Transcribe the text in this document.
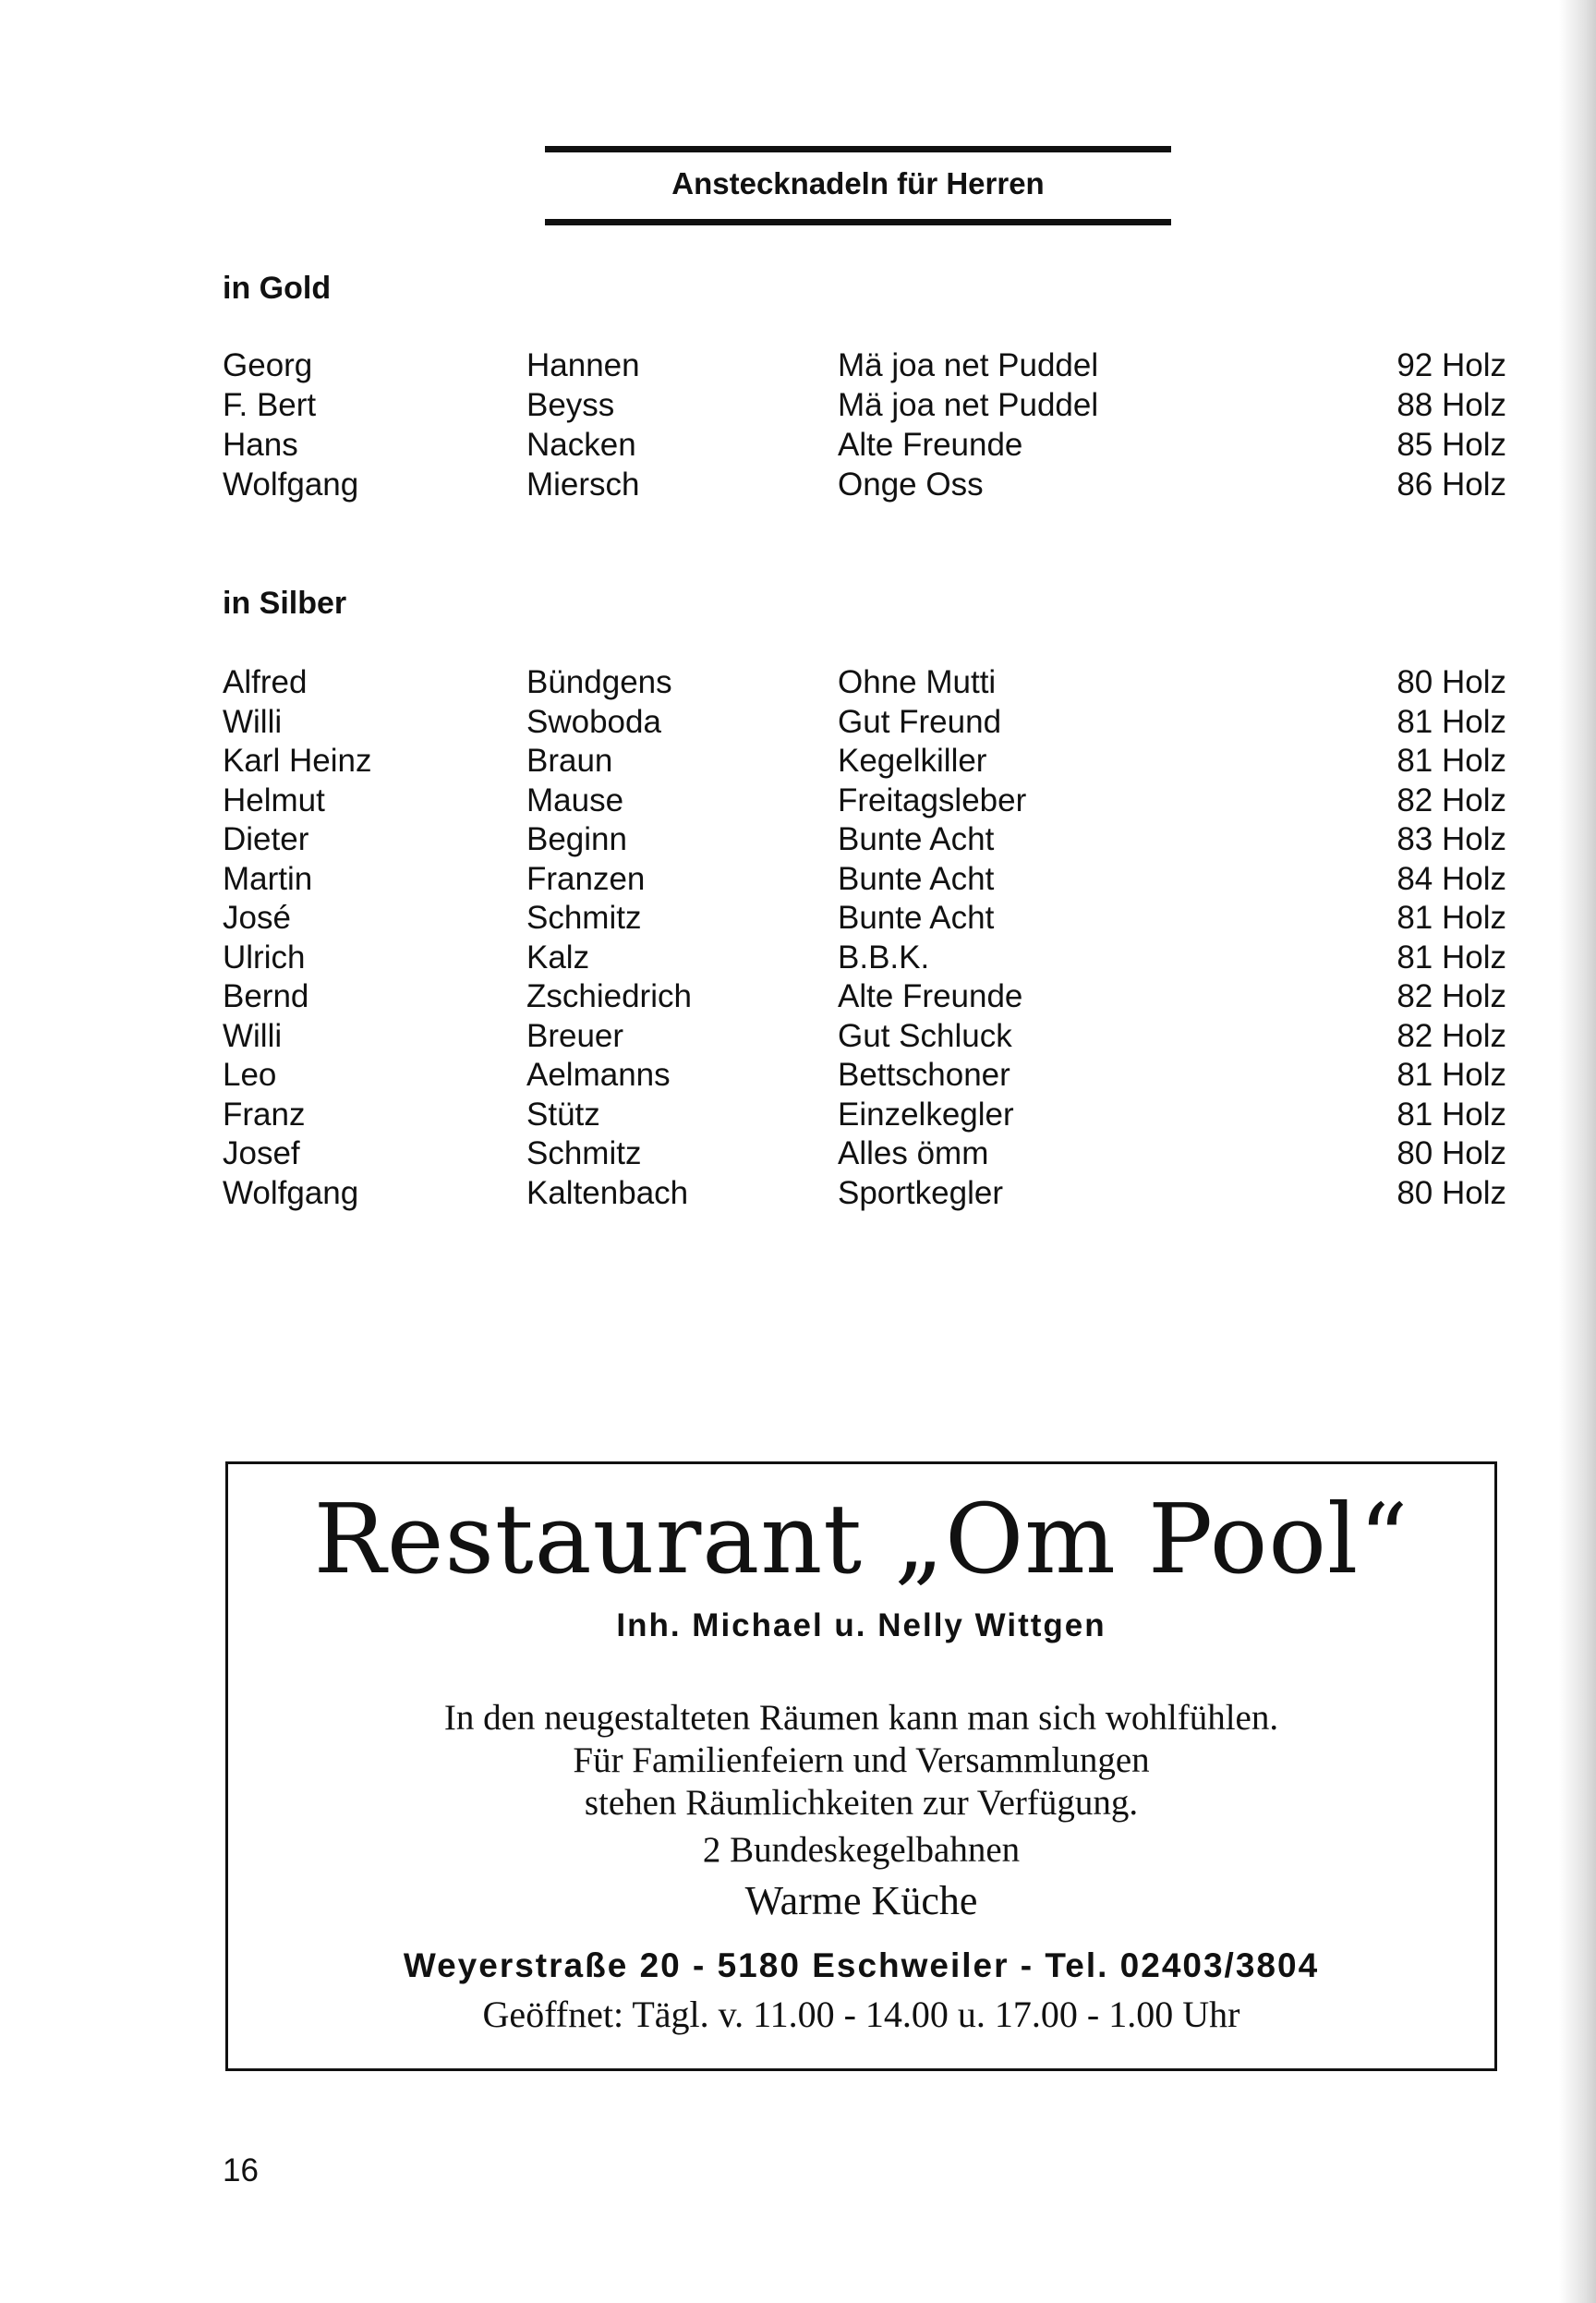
Anstecknadeln für Herren
in Gold
Georg	Hannen	Mä joa net Puddel	92 Holz
F. Bert	Beyss	Mä joa net Puddel	88 Holz
Hans	Nacken	Alte Freunde	85 Holz
Wolfgang	Miersch	Onge Oss	86 Holz
in Silber
Alfred	Bündgens	Ohne Mutti	80 Holz
Willi	Swoboda	Gut Freund	81 Holz
Karl Heinz	Braun	Kegelkiller	81 Holz
Helmut	Mause	Freitagsleber	82 Holz
Dieter	Beginn	Bunte Acht	83 Holz
Martin	Franzen	Bunte Acht	84 Holz
José	Schmitz	Bunte Acht	81 Holz
Ulrich	Kalz	B.B.K.	81 Holz
Bernd	Zschiedrich	Alte Freunde	82 Holz
Willi	Breuer	Gut Schluck	82 Holz
Leo	Aelmanns	Bettschoner	81 Holz
Franz	Stütz	Einzelkegler	81 Holz
Josef	Schmitz	Alles ömm	80 Holz
Wolfgang	Kaltenbach	Sportkegler	80 Holz
Restaurant „Om Pool“
Inh. Michael u. Nelly Wittgen
In den neugestalteten Räumen kann man sich wohlfühlen.
Für Familienfeiern und Versammlungen
stehen Räumlichkeiten zur Verfügung.
2 Bundeskegelbahnen
Warme Küche
Weyerstraße 20 - 5180 Eschweiler - Tel. 02403/3804
Geöffnet: Tägl. v. 11.00 - 14.00 u. 17.00 - 1.00 Uhr
16
